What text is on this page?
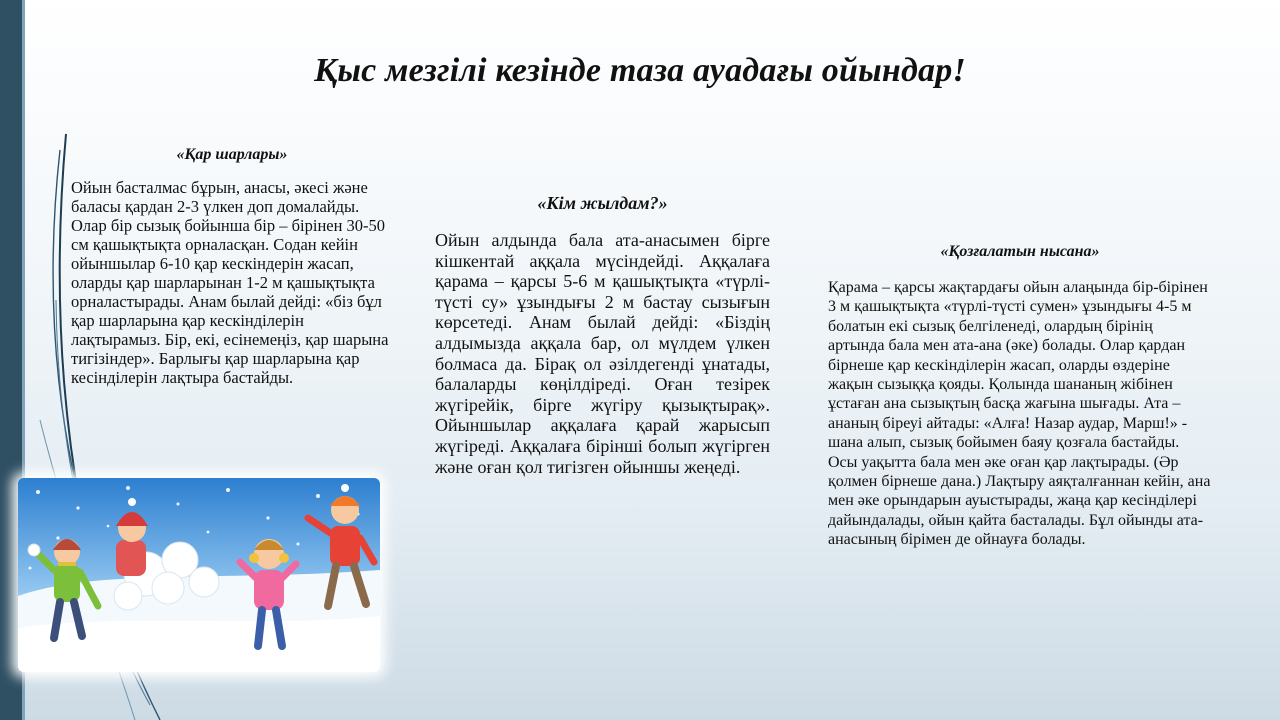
Қыс мезгілі кезінде таза ауадағы ойындар!
«Қар шарлары»

Ойын басталмас бұрын, анасы, әкесі және баласы қардан 2-3 үлкен доп домалайды. Олар бір сызық бойынша бір – бірінен 30-50 см қашықтықта орналасқан. Содан кейін ойыншылар 6-10 қар кескіндерін жасап, оларды қар шарларынан 1-2 м қашықтықта орналастырады. Анам былай дейді: «біз бұл қар шарларына қар кескінділерін лақтырамыз. Бір, екі, есінемеңіз, қар шарына тигізіндер». Барлығы қар шарларына қар кесінділерін лақтыра бастайды.

«Кім жылдам?»

Ойын алдында бала ата-анасымен бірге кішкентай аққала мүсіндейді. Аққалаға қарама – қарсы 5-6 м қашықтықта «түрлі-түсті су» ұзындығы 2 м бастау сызығын көрсетеді. Анам былай дейді: «Біздің алдымызда аққала бар, ол мүлдем үлкен болмаса да. Бірақ ол әзілдегенді ұнатады, балаларды көңілдіреді. Оған тезірек жүгірейік, бірге жүгіру қызықтырақ». Ойыншылар аққалаға қарай жарысып жүгіреді. Аққалаға бірінші болып жүгірген және оған қол тигізген ойыншы жеңеді.

«Қозғалатын нысана»

Қарама – қарсы жақтардағы ойын алаңында бір-бірінен 3 м қашықтықта «түрлі-түсті сумен» ұзындығы 4-5 м болатын екі сызық белгіленеді, олардың бірінің артында бала мен ата-ана (әке) болады. Олар қардан бірнеше қар кескінділерін жасап, оларды өздеріне жақын сызыққа қояды. Қолында шананың жібінен ұстаған ана сызықтың басқа жағына шығады. Ата – ананың біреуі айтады: «Алға! Назар аудар, Марш!» - шана алып, сызық бойымен баяу қозғала бастайды. Осы уақытта бала мен әке оған қар лақтырады. (Әр қолмен бірнеше дана.) Лақтыру аяқталғаннан кейін, ана мен әке орындарын ауыстырады, жаңа қар кесінділері дайындалады, ойын қайта басталады. Бұл ойынды ата-анасының бірімен де ойнауға болады.
